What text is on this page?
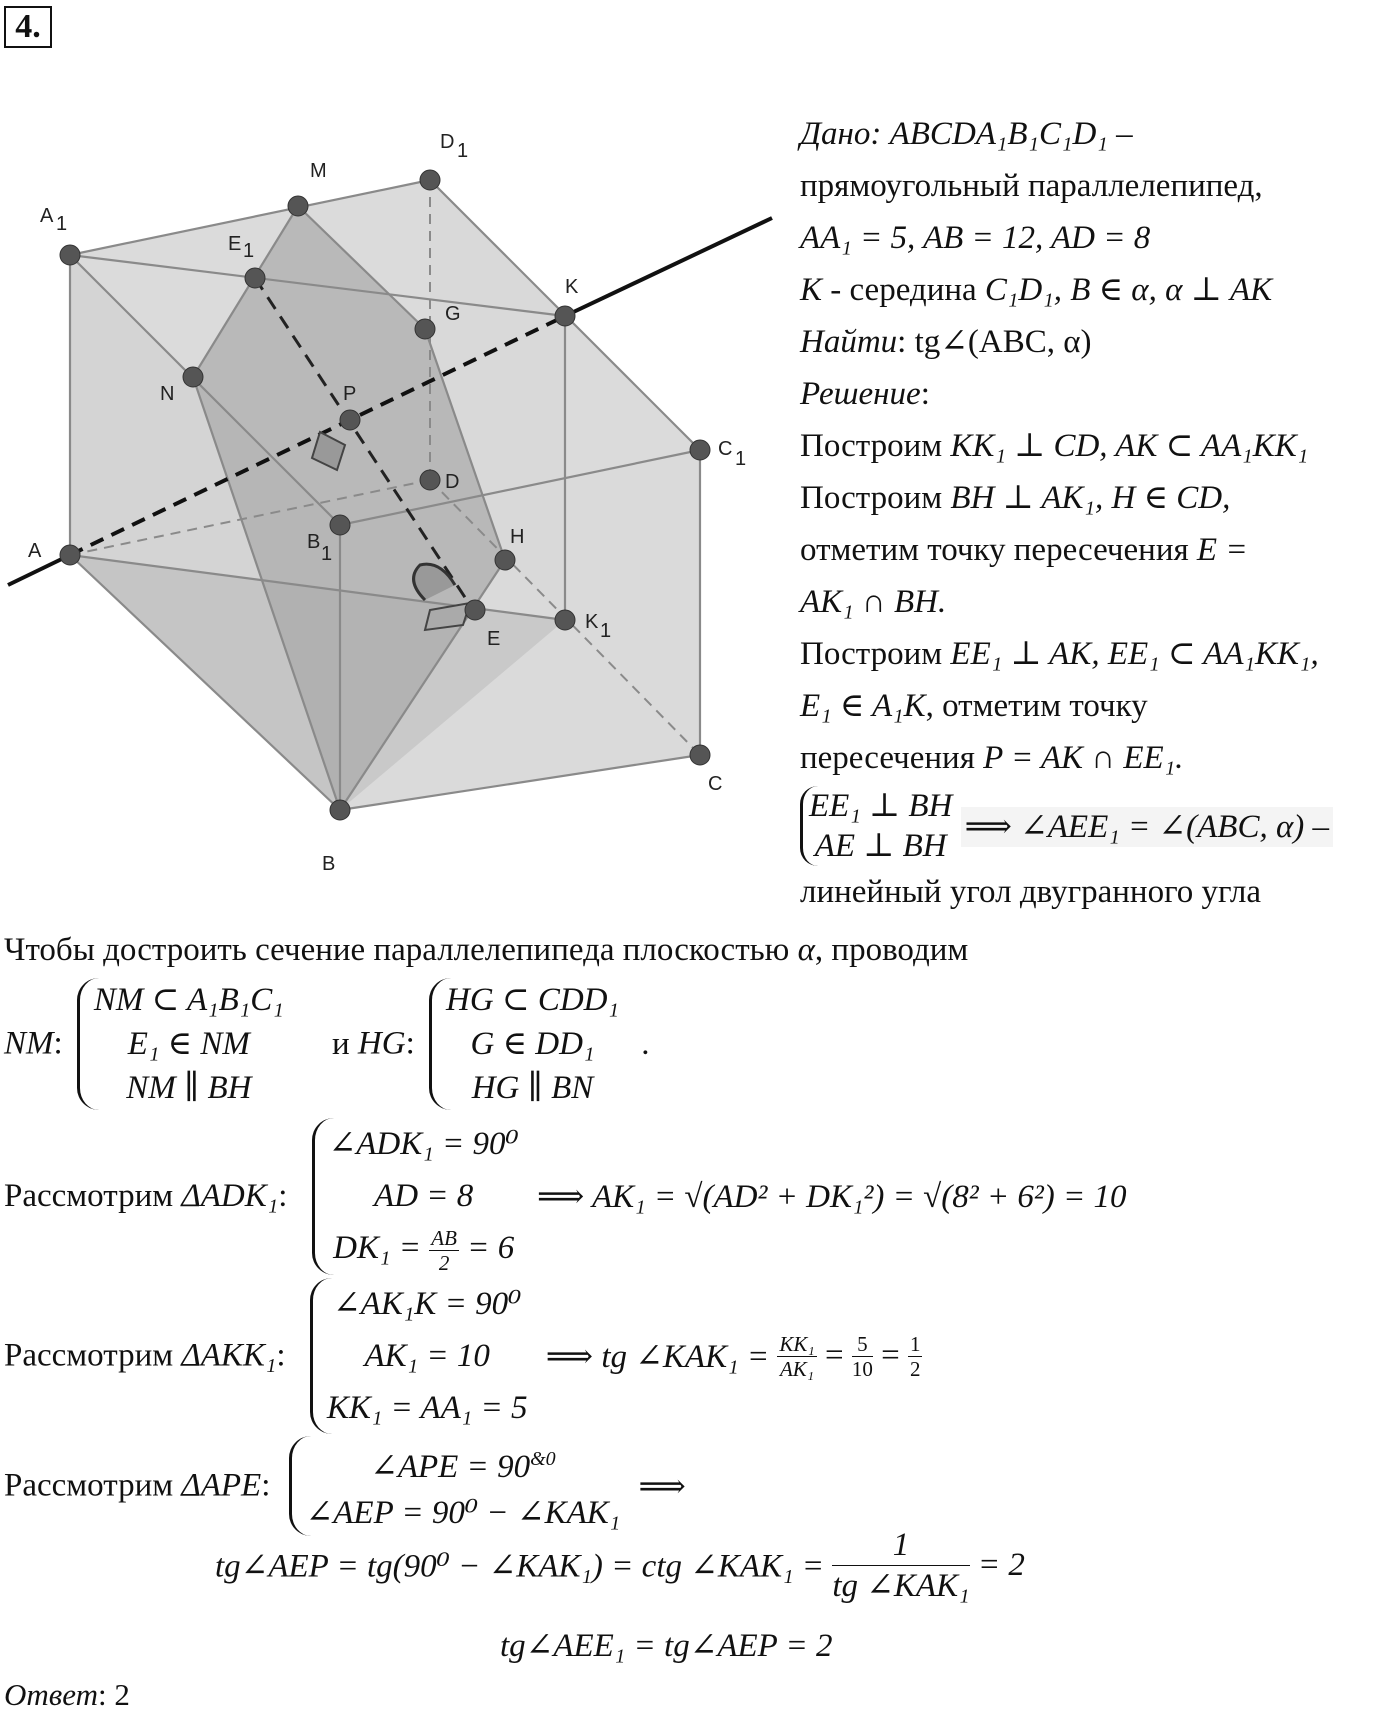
4.
A 1
D 1
M
E 1
K
G
N	P
C 1
D
H
B
1
A
K 1
E
C
B
Дано: ABCDA₁B₁C₁D₁ –
прямоугольный параллелепипед,
AA₁ = 5, AB = 12, AD = 8
K - середина C₁D₁, B ∈ α, α ⊥ AK
Найти: tg∠(ABC, α)
Решение:
Построим KK₁ ⊥ CD, AK ⊂ AA₁KK₁
Построим BH ⊥ AK₁, H ∈ CD,
отметим точку пересечения E =
AK₁ ∩ BH.
Построим EE₁ ⊥ AK, EE₁ ⊂ AA₁KK₁,
E₁ ∈ A₁K, отметим точку
пересечения P = AK ∩ EE₁.
EE₁ ⊥ BH
AE ⊥ BH
⟹ ∠AEE₁ = ∠(ABC, α) –
линейный угол двугранного угла
Чтобы достроить сечение параллелепипеда плоскостью α, проводим
NM:
NM ⊂ A₁B₁C₁
E₁ ∈ NM
NM ∥ BH
и HG:
HG ⊂ CDD₁
G ∈ DD₁
HG ∥ BN
.
Рассмотрим ΔADK₁:
∠ADK₁ = 90⁰
AD = 8
$DK_1 = \frac{AB}{2} = 6$
⟹ AK₁ = √(AD² + DK₁²) = √(8² + 6²) = 10
Рассмотрим ΔAKK₁:
∠AK₁K = 90⁰
AK₁ = 10
KK₁ = AA₁ = 5
⟹ tg ∠KAK₁ = $\frac{\text{KK₁}}{\text{AK₁}} = \frac{5}{10} = \frac{1}{2}$
Рассмотрим ΔAPE:
∠APE = $90^{\&0}$
∠AEP = 90⁰ − ∠KAK₁
⟹
tg∠AEP = tg(90⁰ − ∠KAK₁) = ctg ∠KAK₁ = $\frac{1}{\text{tg ∠KAK₁}} = 2$
tg∠AEE₁ = tg∠AEP = 2
Ответ: 2
